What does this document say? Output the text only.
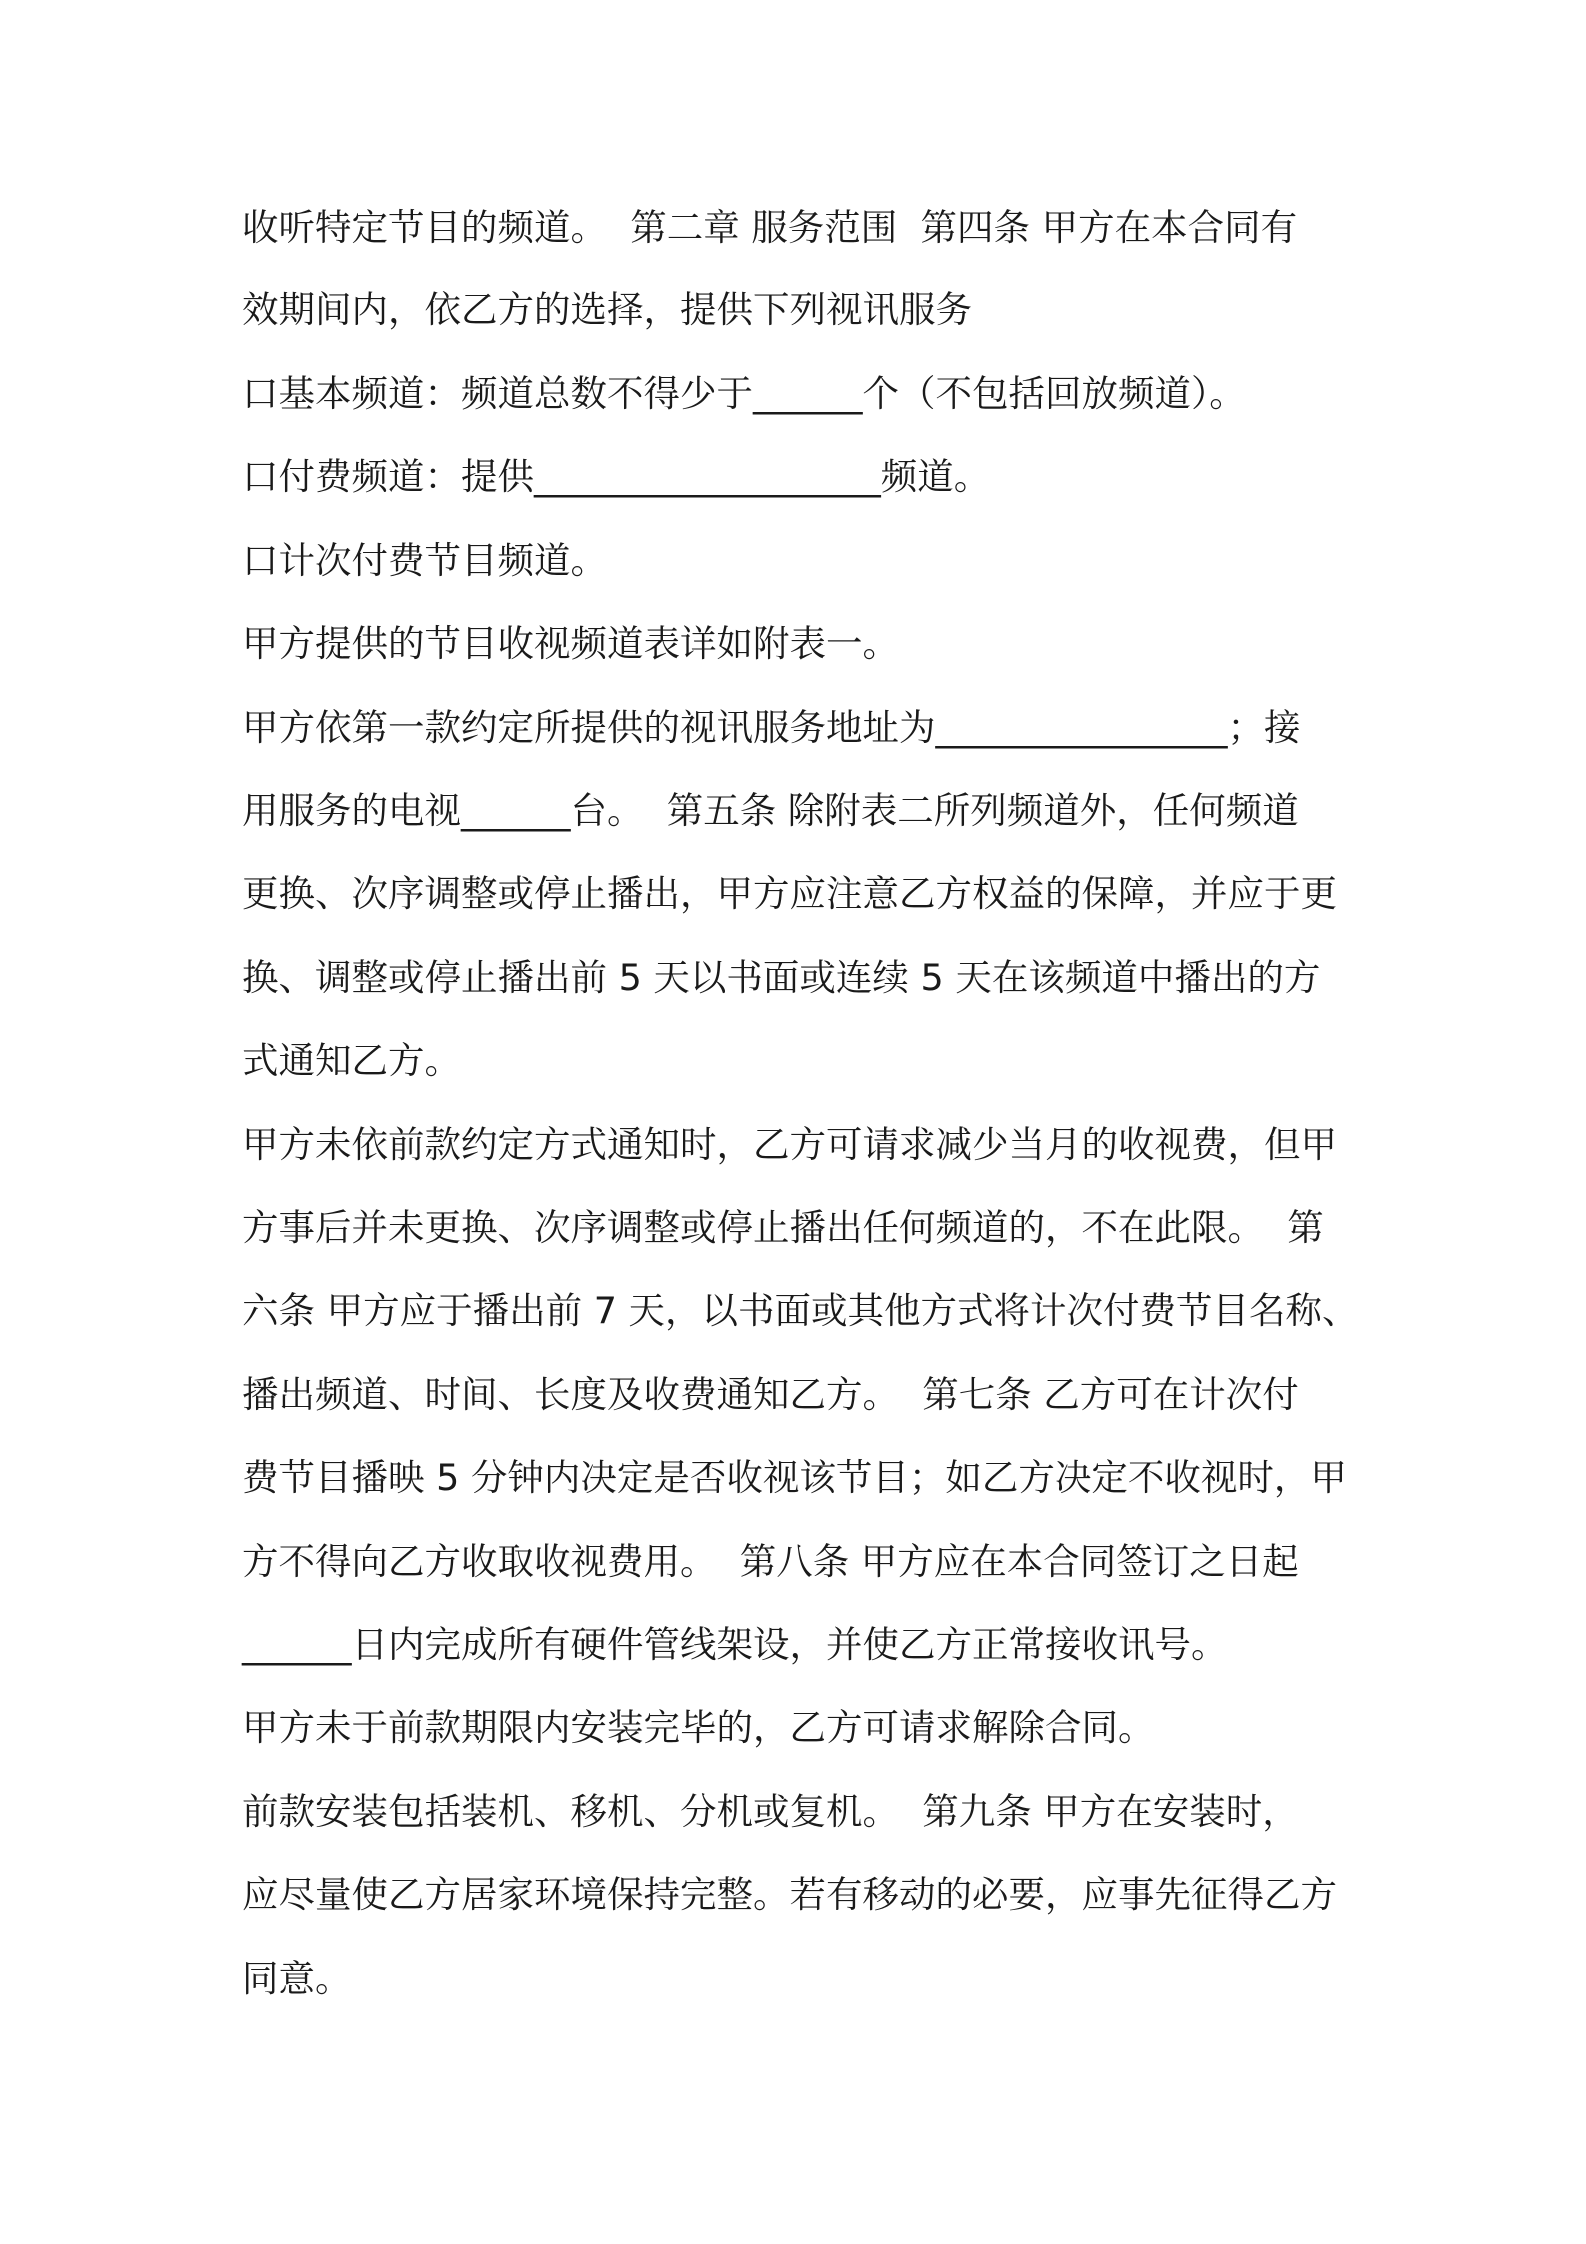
收听特定节目的频道。  第二章 服务范围  第四条 甲方在本合同有

效期间内，依乙方的选择，提供下列视讯服务

口基本频道：频道总数不得少于______个（不包括回放频道）。

口付费频道：提供___________________频道。

口计次付费节目频道。

甲方提供的节目收视频道表详如附表一。

甲方依第一款约定所提供的视讯服务地址为________________；接

用服务的电视______台。  第五条 除附表二所列频道外，任何频道

更换、次序调整或停止播出，甲方应注意乙方权益的保障，并应于更

换、调整或停止播出前 5 天以书面或连续 5 天在该频道中播出的方

式通知乙方。

甲方未依前款约定方式通知时，乙方可请求减少当月的收视费，但甲

方事后并未更换、次序调整或停止播出任何频道的，不在此限。  第

六条 甲方应于播出前 7 天，以书面或其他方式将计次付费节目名称、

播出频道、时间、长度及收费通知乙方。  第七条 乙方可在计次付

费节目播映 5 分钟内决定是否收视该节目；如乙方决定不收视时，甲

方不得向乙方收取收视费用。  第八条 甲方应在本合同签订之日起

______日内完成所有硬件管线架设，并使乙方正常接收讯号。

甲方未于前款期限内安装完毕的，乙方可请求解除合同。

前款安装包括装机、移机、分机或复机。  第九条 甲方在安装时，

应尽量使乙方居家环境保持完整。若有移动的必要，应事先征得乙方

同意。
